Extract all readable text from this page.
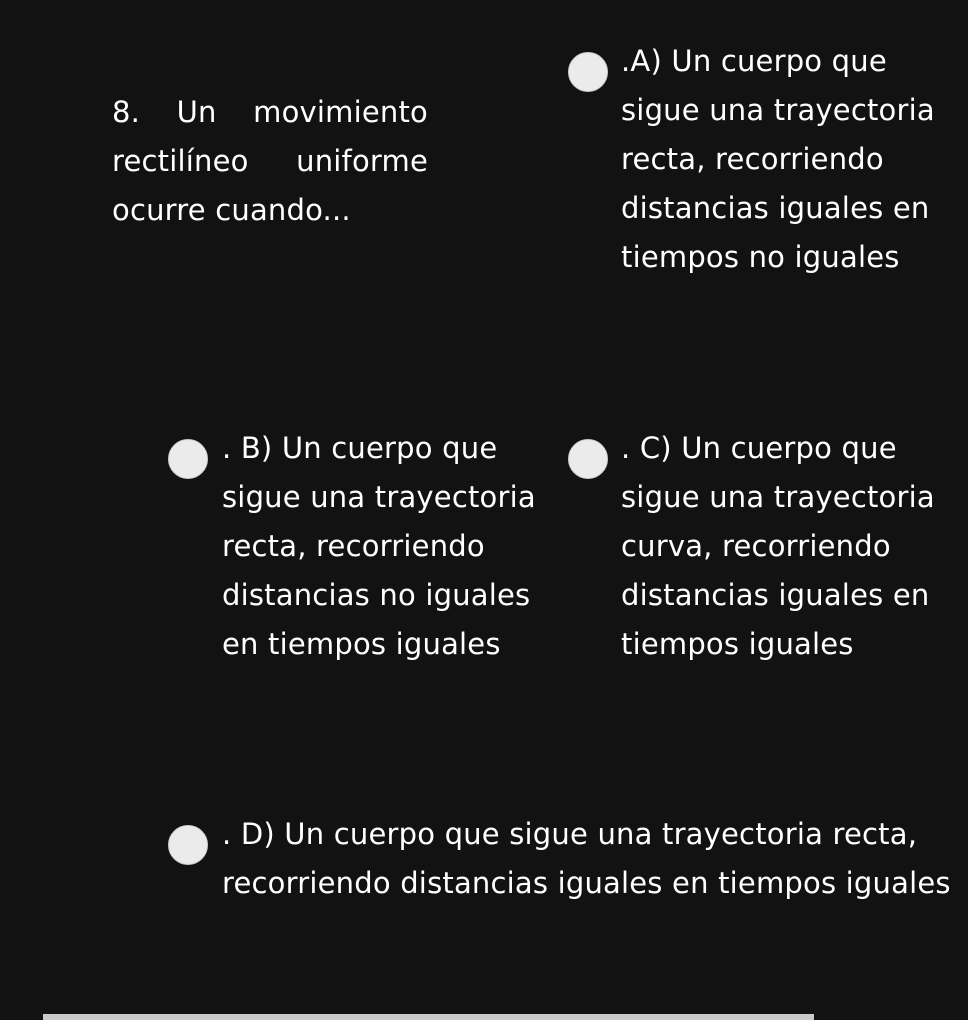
8. Un movimiento rectilíneo uniforme ocurre cuando...

.A) Un cuerpo que sigue una trayectoria recta, recorriendo distancias iguales en tiempos no iguales

. B) Un cuerpo que sigue una trayectoria recta, recorriendo distancias no iguales en tiempos iguales

. C) Un cuerpo que sigue una trayectoria curva, recorriendo distancias iguales en tiempos iguales

. D) Un cuerpo que sigue una trayectoria recta, recorriendo distancias iguales en tiempos iguales
